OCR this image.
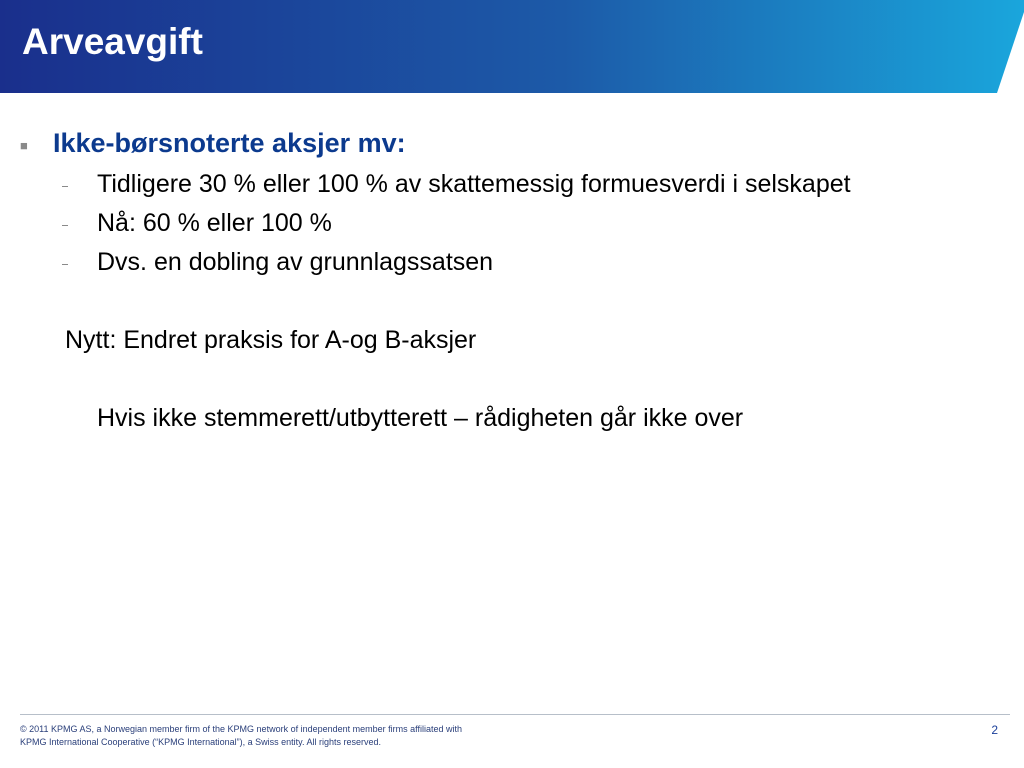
Arveavgift
■ Ikke-børsnoterte aksjer mv:
Tidligere 30 % eller 100 % av skattemessig formuesverdi i selskapet
Nå: 60 % eller 100 %
Dvs. en dobling av grunnlagssatsen
Nytt: Endret praksis for A-og B-aksjer
Hvis ikke stemmerett/utbytterett – rådigheten går ikke over
© 2011 KPMG AS, a Norwegian member firm of the KPMG network of independent member firms affiliated with
KPMG International Cooperative (“KPMG International”), a Swiss entity. All rights reserved.
2
